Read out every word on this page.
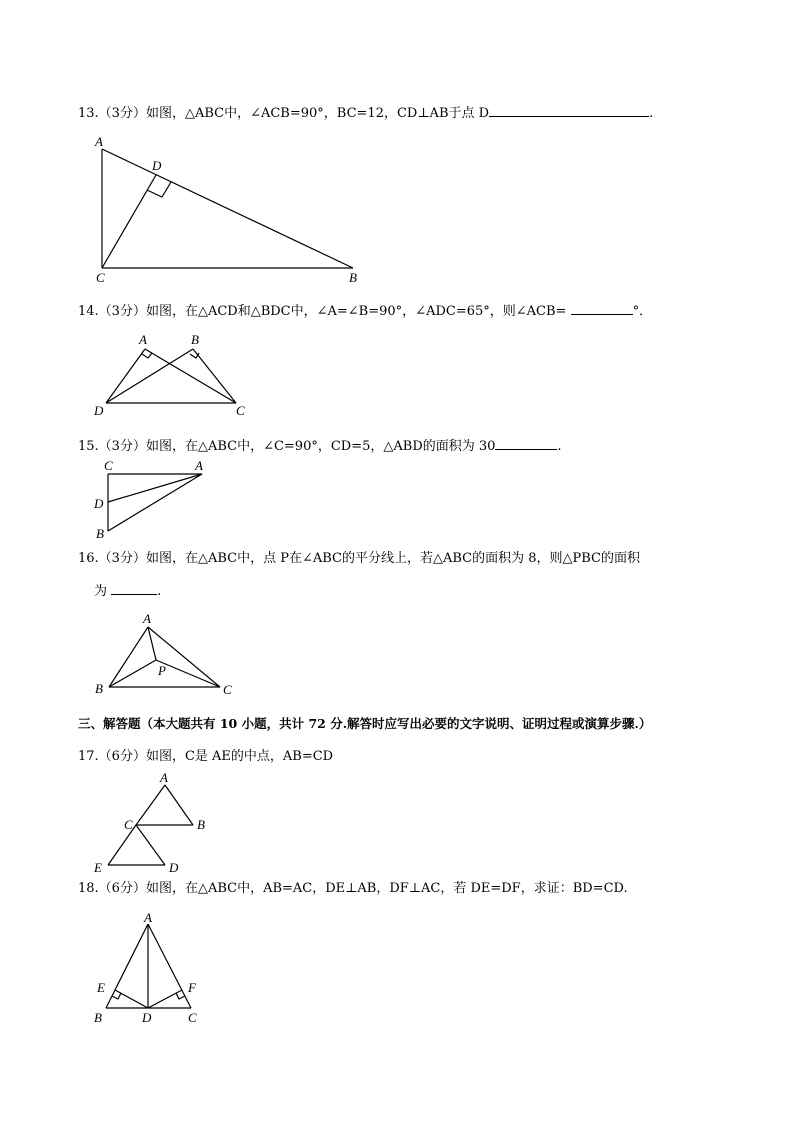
13.（3分）如图，△ABC中，∠ACB=90°，BC=12，CD⊥AB于点 D	.
14.（3分）如图，在△ACD和△BDC中，∠A=∠B=90°，∠ADC=65°，则∠ACB=	°．
15.（3分）如图，在△ABC中，∠C=90°，CD=5，△ABD的面积为 30	.
16.（3分）如图，在△ABC中，点 P在∠ABC的平分线上，若△ABC的面积为 8，则△PBC的面积
为	.
三、解答题（本大题共有 10 小题，共计 72 分.解答时应写出必要的文字说明、证明过程或演算步骤.）
17.（6分）如图，C是 AE的中点，AB=CD
18.（6分）如图，在△ABC中，AB=AC，DE⊥AB，DF⊥AC，若 DE=DF，求证：BD=CD.
A
D
C	B
A	B
D	C
C	A
D
B
A
B	C
P
A
C	B
E	D
A
E	F
B	D	C
